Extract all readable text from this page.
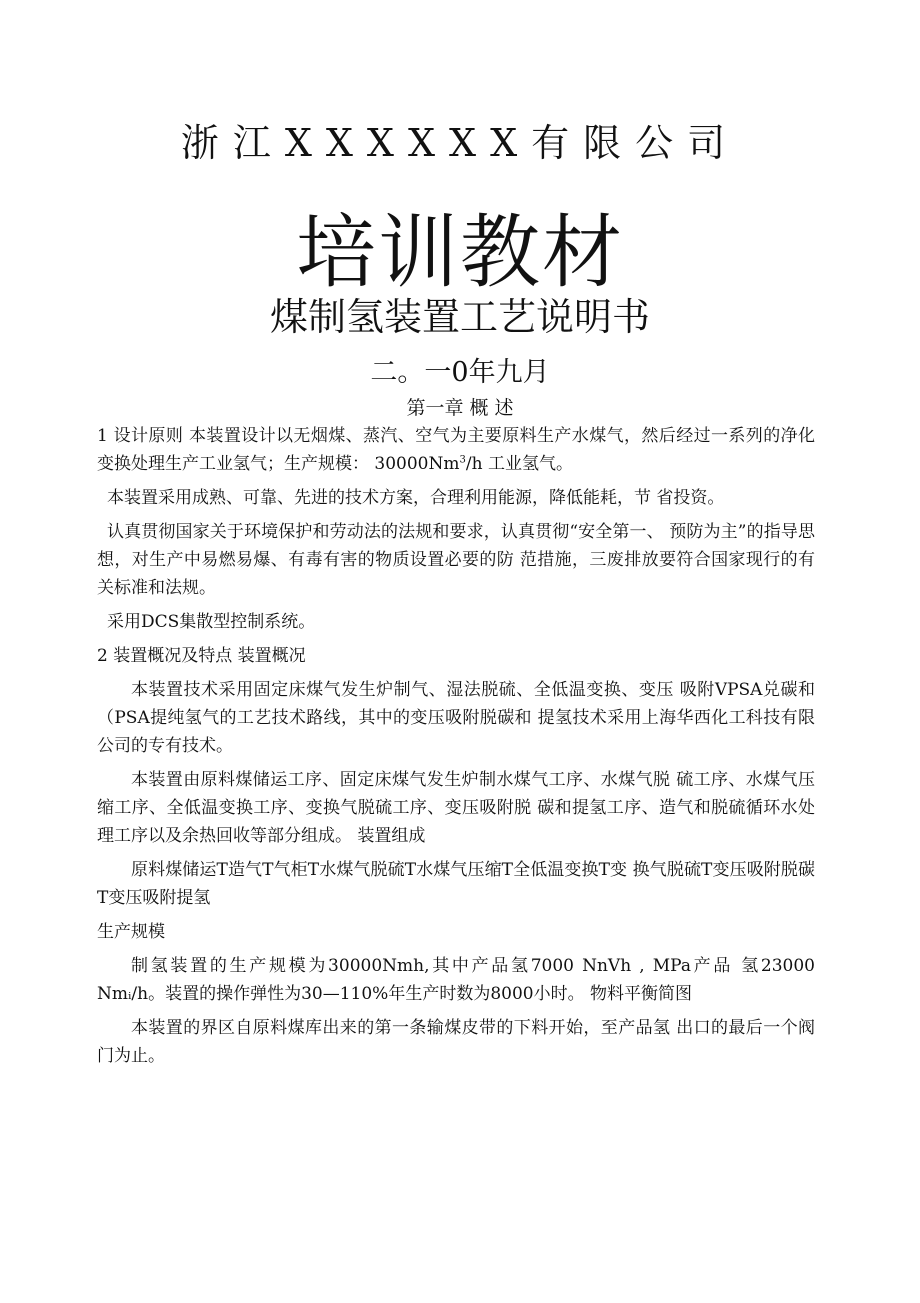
浙江XXXXXX有限公司
培训教材
煤制氢装置工艺说明书
二。一0年九月
第一章 概 述

1 设计原则 本装置设计以无烟煤、蒸汽、空气为主要原料生产水煤气，然后经过一系列的净化变换处理生产工业氢气；生产规模： 30000Nm$^3$/h 工业氢气。

本装置采用成熟、可靠、先进的技术方案，合理利用能源，降低能耗，节 省投资。

认真贯彻国家关于环境保护和劳动法的法规和要求，认真贯彻“安全第一、 预防为主”的指导思想，对生产中易燃易爆、有毒有害的物质设置必要的防 范措施，三废排放要符合国家现行的有关标准和法规。

采用DCS集散型控制系统。

2 装置概况及特点 装置概况

本装置技术采用固定床煤气发生炉制气、湿法脱硫、全低温变换、变压 吸附VPSA兑碳和（PSA提纯氢气的工艺技术路线，其中的变压吸附脱碳和 提氢技术采用上海华西化工科技有限公司的专有技术。

本装置由原料煤储运工序、固定床煤气发生炉制水煤气工序、水煤气脱 硫工序、水煤气压缩工序、全低温变换工序、变换气脱硫工序、变压吸附脱 碳和提氢工序、造气和脱硫循环水处理工序以及余热回收等部分组成。 装置组成

原料煤储运T造气T气柜T水煤气脱硫T水煤气压缩T全低温变换T变 换气脱硫T变压吸附脱碳T变压吸附提氢

生产规模

制氢装置的生产规模为30000Nmh,其中产品氢7000 NnVh , MPa产品 氢23000 Nmᵢ/h。装置的操作弹性为30—110%年生产时数为8000小时。 物料平衡简图

本装置的界区自原料煤库出来的第一条输煤皮带的下料开始，至产品氢 出口的最后一个阀门为止。
